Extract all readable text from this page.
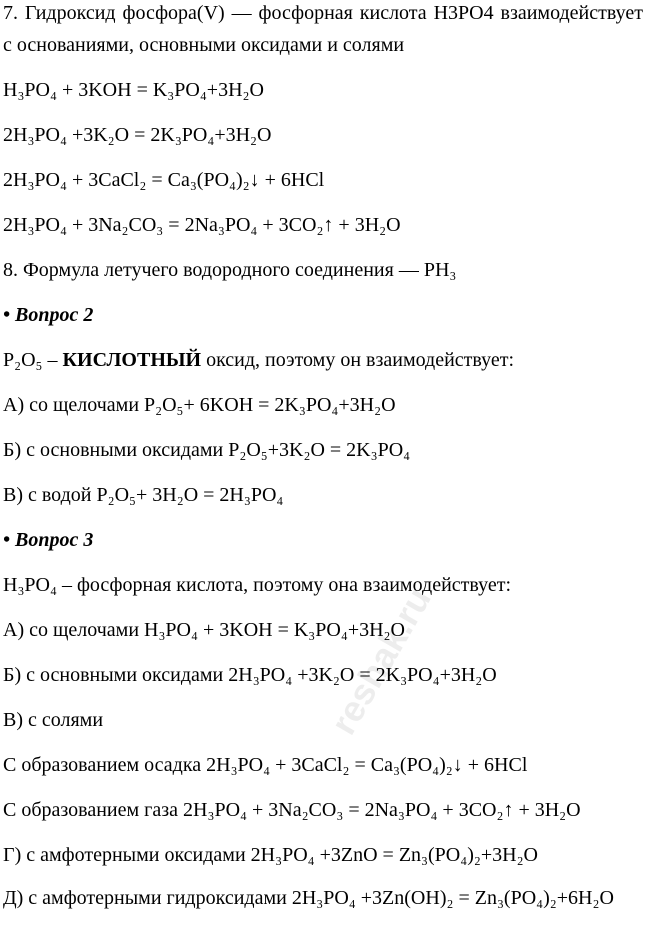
7. Гидроксид фосфора(V) — фосфорная кислота H3PO4 взаимодействует с основаниями, основными оксидами и солями

H₃PO₄ + 3KOH = K₃PO₄+3H₂O

2H₃PO₄ +3K₂O = 2K₃PO₄+3H₂O

2H₃PO₄ + 3CaCl₂ = Ca₃(PO₄)₂↓ + 6HCl

2H₃PO₄ + 3Na₂CO₃ = 2Na₃PO₄ + 3CO₂↑ + 3H₂O

8. Формула летучего водородного соединения — PH₃

• Вопрос 2

P₂O₅ – КИСЛОТНЫЙ оксид, поэтому он взаимодействует:

А) со щелочами P₂O₅+ 6KOH = 2K₃PO₄+3H₂O

Б) с основными оксидами P₂O₅+3K₂O = 2K₃PO₄

В) с водой P₂O₅+ 3H₂O = 2H₃PO₄

• Вопрос 3

H₃PO₄ – фосфорная кислота, поэтому она взаимодействует:

А) со щелочами H₃PO₄ + 3KOH = K₃PO₄+3H₂O

Б) с основными оксидами 2H₃PO₄ +3K₂O = 2K₃PO₄+3H₂O

В) с солями

С образованием осадка 2H₃PO₄ + 3CaCl₂ = Ca₃(PO₄)₂↓ + 6HCl

С образованием газа 2H₃PO₄ + 3Na₂CO₃ = 2Na₃PO₄ + 3CO₂↑ + 3H₂O

Г) с амфотерными оксидами 2H₃PO₄ +3ZnO = Zn₃(PO₄)₂+3H₂O

Д) с амфотерными гидроксидами 2H₃PO₄ +3Zn(OH)₂ = Zn₃(PO₄)₂+6H₂O

reshak.ru
